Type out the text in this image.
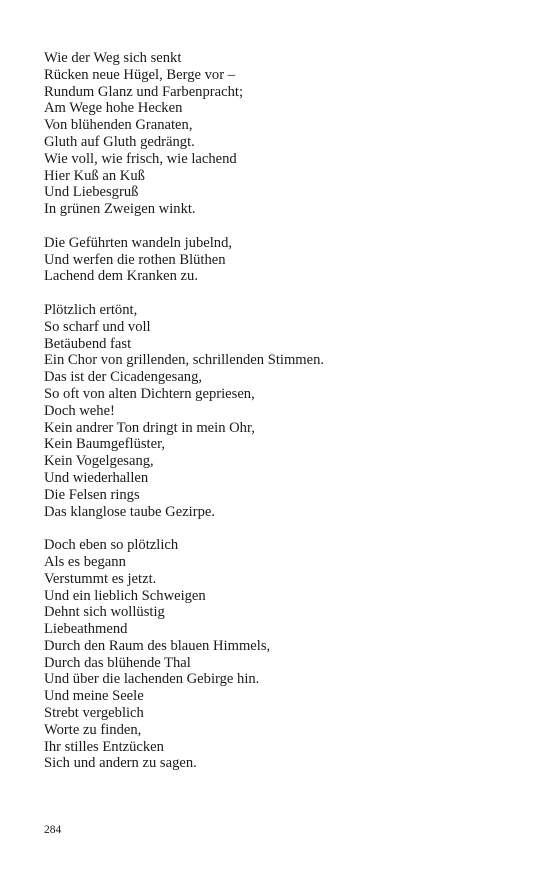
Wie der Weg sich senkt
Rücken neue Hügel, Berge vor –
Rundum Glanz und Farbenpracht;
Am Wege hohe Hecken
Von blühenden Granaten,
Gluth auf Gluth gedrängt.
Wie voll, wie frisch, wie lachend
Hier Kuß an Kuß
Und Liebesgruß
In grünen Zweigen winkt.
Die Geführten wandeln jubelnd,
Und werfen die rothen Blüthen
Lachend dem Kranken zu.
Plötzlich ertönt,
So scharf und voll
Betäubend fast
Ein Chor von grillenden, schrillenden Stimmen.
Das ist der Cicadengesang,
So oft von alten Dichtern gepriesen,
Doch wehe!
Kein andrer Ton dringt in mein Ohr,
Kein Baumgeflüster,
Kein Vogelgesang,
Und wiederhallen
Die Felsen rings
Das klanglose taube Gezirpe.
Doch eben so plötzlich
Als es begann
Verstummt es jetzt.
Und ein lieblich Schweigen
Dehnt sich wollüstig
Liebeathmend
Durch den Raum des blauen Himmels,
Durch das blühende Thal
Und über die lachenden Gebirge hin.
Und meine Seele
Strebt vergeblich
Worte zu finden,
Ihr stilles Entzücken
Sich und andern zu sagen.
284
